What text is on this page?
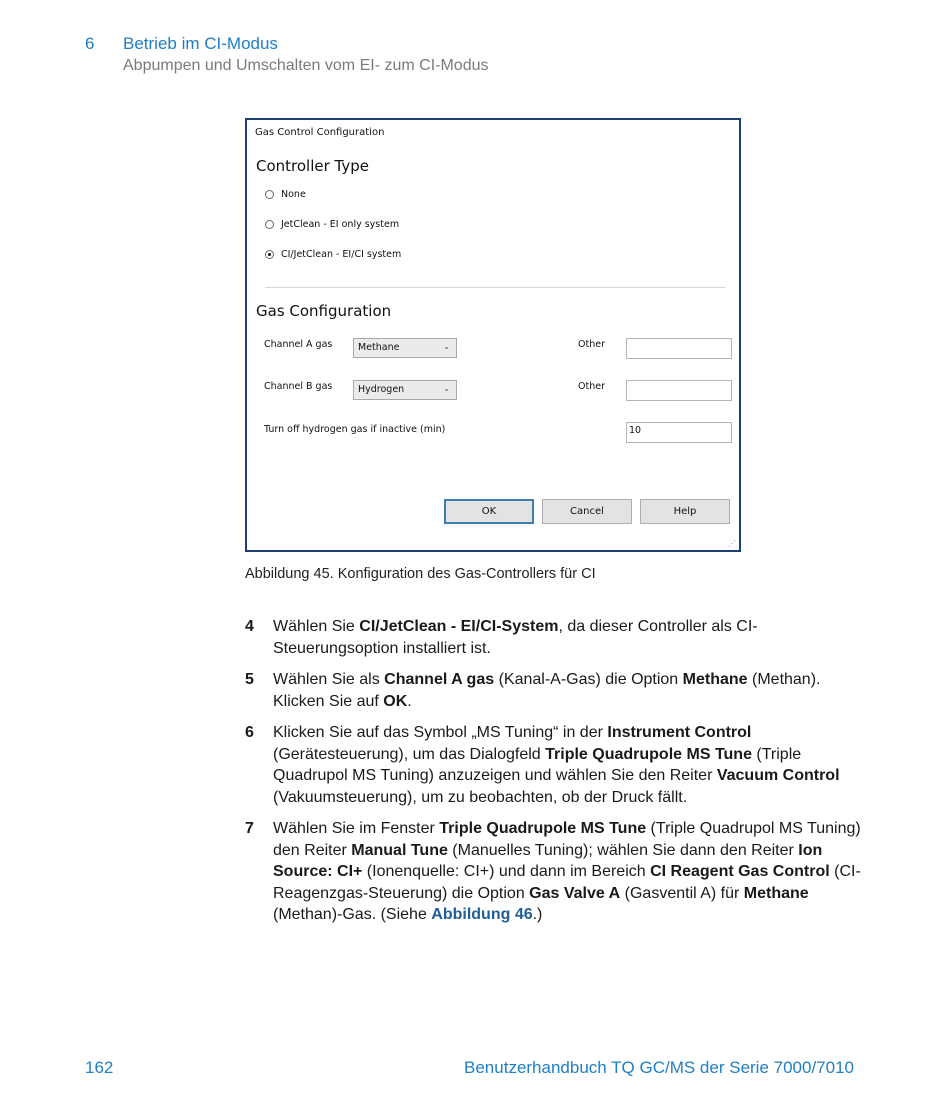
6 Betrieb im CI-Modus
Abpumpen und Umschalten vom EI- zum CI-Modus
Gas Control Configuration
Controller Type
None
JetClean - EI only system
CI/JetClean - EI/CI system
Gas Configuration
Channel A gas	Methane	⌄	Other
Channel B gas	Hydrogen	⌄	Other
Turn off hydrogen gas if inactive (min)	10
OK	Cancel	Help
⋰
Abbildung 45. Konfiguration des Gas-Controllers für CI
4 Wählen Sie CI/JetClean - EI/CI-System, da dieser Controller als CI-Steuerungsoption installiert ist.
5 Wählen Sie als Channel A gas (Kanal-A-Gas) die Option Methane (Methan). Klicken Sie auf OK.
6 Klicken Sie auf das Symbol „MS Tuning“ in der Instrument Control (Gerätesteuerung), um das Dialogfeld Triple Quadrupole MS Tune (Triple Quadrupol MS Tuning) anzuzeigen und wählen Sie den Reiter Vacuum Control (Vakuumsteuerung), um zu beobachten, ob der Druck fällt.
7 Wählen Sie im Fenster Triple Quadrupole MS Tune (Triple Quadrupol MS Tuning) den Reiter Manual Tune (Manuelles Tuning); wählen Sie dann den Reiter Ion Source: CI+ (Ionenquelle: CI+) und dann im Bereich CI Reagent Gas Control (CI-Reagenzgas-Steuerung) die Option Gas Valve A (Gasventil A) für Methane (Methan)-Gas. (Siehe Abbildung 46.)
162	Benutzerhandbuch TQ GC/MS der Serie 7000/7010
